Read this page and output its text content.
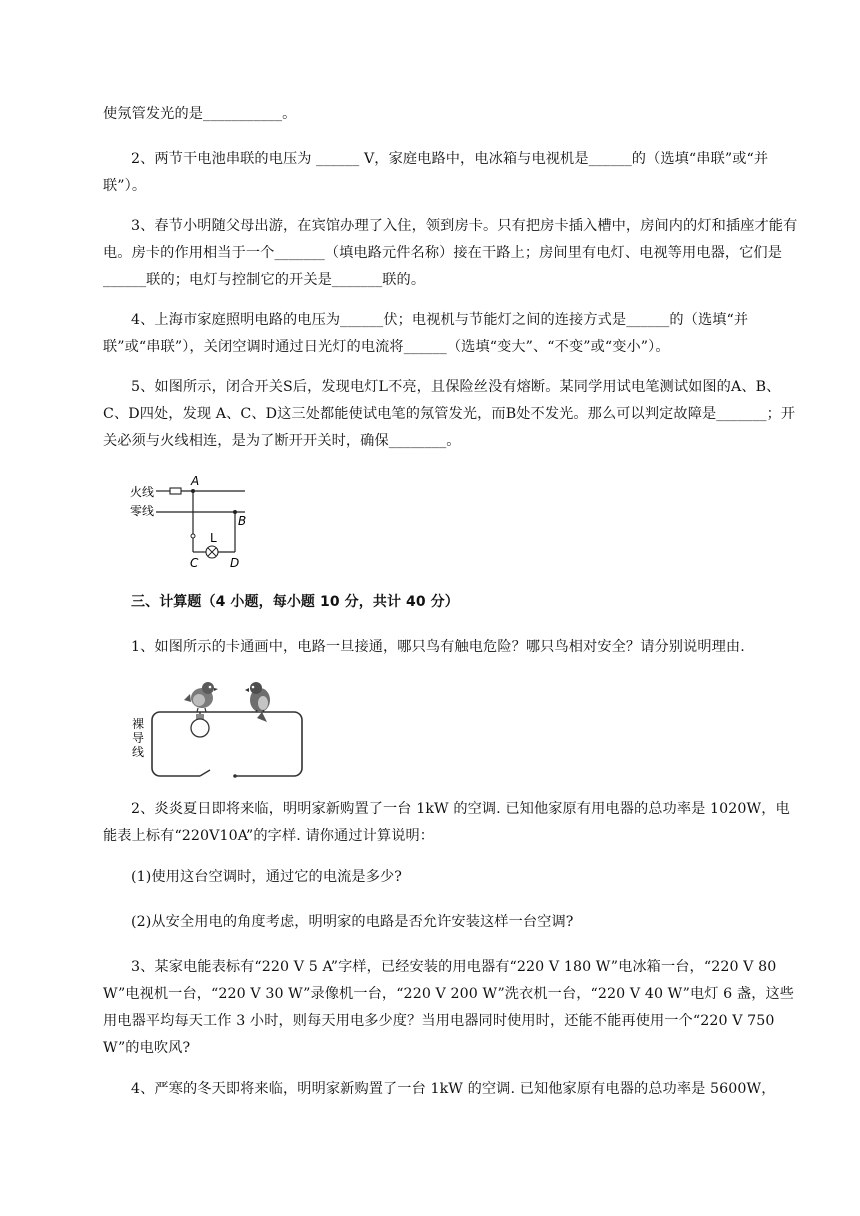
使氖管发光的是___________。

2、两节干电池串联的电压为 ______ V，家庭电路中，电冰箱与电视机是______的（选填“串联”或“并联”）。

3、春节小明随父母出游，在宾馆办理了入住，领到房卡。只有把房卡插入槽中，房间内的灯和插座才能有电。房卡的作用相当于一个_______（填电路元件名称）接在干路上；房间里有电灯、电视等用电器，它们是______联的；电灯与控制它的开关是_______联的。

4、上海市家庭照明电路的电压为______伏；电视机与节能灯之间的连接方式是______的（选填“并联”或“串联”），关闭空调时通过日光灯的电流将______（选填“变大”、“不变”或“变小”）。

5、如图所示，闭合开关S后，发现电灯L不亮，且保险丝没有熔断。某同学用试电笔测试如图的A、B、C、D四处，发现 A、C、D这三处都能使试电笔的氖管发光，而B处不发光。那么可以判定故障是_______；开关必须与火线相连，是为了断开开关时，确保________。

火线
零线
A
L
B
C	D

三、计算题（4 小题，每小题 10 分，共计 40 分）

1、如图所示的卡通画中，电路一旦接通，哪只鸟有触电危险？哪只鸟相对安全？请分别说明理由.

裸
导
线

2、炎炎夏日即将来临，明明家新购置了一台 1kW 的空调. 已知他家原有用电器的总功率是 1020W，电能表上标有“220V10A”的字样. 请你通过计算说明：

(1)使用这台空调时，通过它的电流是多少?

(2)从安全用电的角度考虑，明明家的电路是否允许安装这样一台空调?

3、某家电能表标有“220 V 5 A”字样，已经安装的用电器有“220 V 180 W”电冰箱一台，“220 V 80 W”电视机一台，“220 V 30 W”录像机一台，“220 V 200 W”洗衣机一台，“220 V 40 W”电灯 6 盏，这些用电器平均每天工作 3 小时，则每天用电多少度？当用电器同时使用时，还能不能再使用一个“220 V 750 W”的电吹风?

4、严寒的冬天即将来临，明明家新购置了一台 1kW 的空调. 已知他家原有电器的总功率是 5600W，
